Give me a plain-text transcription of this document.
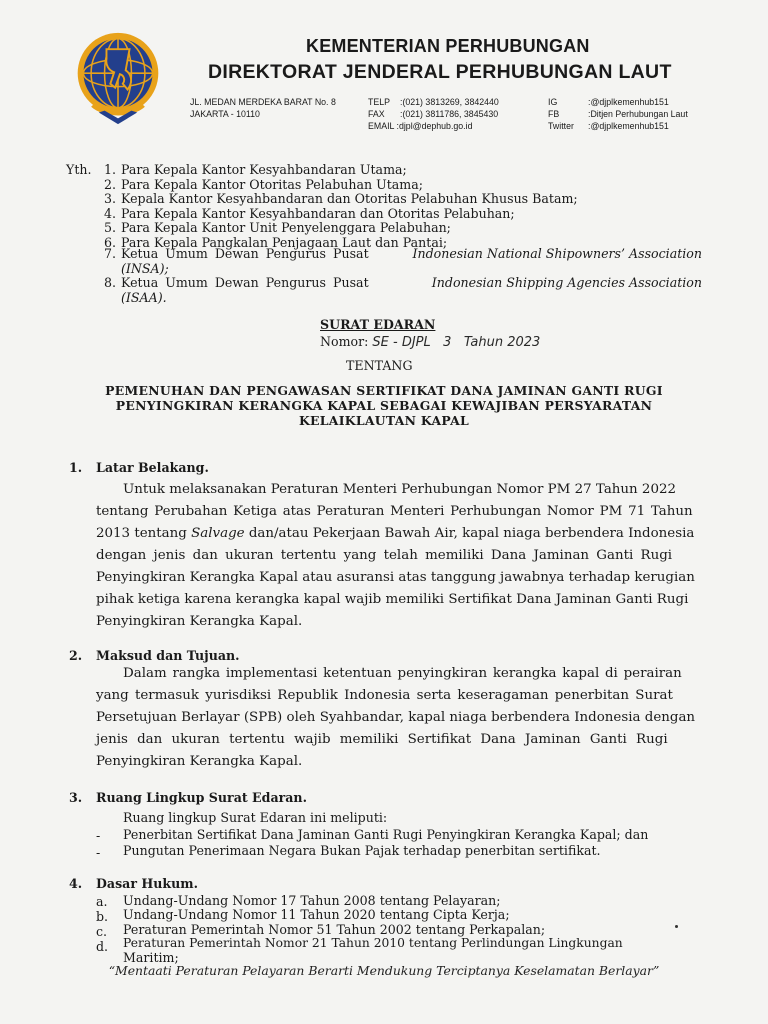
KEMENTERIAN PERHUBUNGAN
DIREKTORAT JENDERAL PERHUBUNGAN LAUT
JL. MEDAN MERDEKA BARAT No. 8
JAKARTA - 10110
TELP :(021) 3813269, 3842440
FAX :(021) 3811786, 3845430
EMAIL :djpl@dephub.go.id
IG	:@djplkemenhub151
FB	:Ditjen Perhubungan Laut
Twitter :@djplkemenhub151
Yth. 1. Para Kepala Kantor Kesyahbandaran Utama;
2. Para Kepala Kantor Otoritas Pelabuhan Utama;
3. Kepala Kantor Kesyahbandaran dan Otoritas Pelabuhan Khusus Batam;
4. Para Kepala Kantor Kesyahbandaran dan Otoritas Pelabuhan;
5. Para Kepala Kantor Unit Penyelenggara Pelabuhan;
6. Para Kepala Pangkalan Penjagaan Laut dan Pantai;
7. Ketua Umum Dewan Pengurus Pusat	Indonesian National Shipowners’ Association
(INSA);
8. Ketua Umum Dewan Pengurus Pusat	Indonesian Shipping Agencies Association
(ISAA).
SURAT EDARAN
Nomor: SE - DJPL   3   Tahun 2023
TENTANG
PEMENUHAN DAN PENGAWASAN SERTIFIKAT DANA JAMINAN GANTI RUGI
PENYINGKIRAN KERANGKA KAPAL SEBAGAI KEWAJIBAN PERSYARATAN
KELAIKLAUTAN KAPAL
1. Latar Belakang.
Untuk melaksanakan Peraturan Menteri Perhubungan Nomor PM 27 Tahun 2022
tentang Perubahan Ketiga atas Peraturan Menteri Perhubungan Nomor PM 71 Tahun
2013 tentang Salvage dan/atau Pekerjaan Bawah Air, kapal niaga berbendera Indonesia
dengan jenis dan ukuran tertentu yang telah memiliki Dana Jaminan Ganti Rugi
Penyingkiran Kerangka Kapal atau asuransi atas tanggung jawabnya terhadap kerugian
pihak ketiga karena kerangka kapal wajib memiliki Sertifikat Dana Jaminan Ganti Rugi
Penyingkiran Kerangka Kapal.
2. Maksud dan Tujuan.
Dalam rangka implementasi ketentuan penyingkiran kerangka kapal di perairan
yang termasuk yurisdiksi Republik Indonesia serta keseragaman penerbitan Surat
Persetujuan Berlayar (SPB) oleh Syahbandar, kapal niaga berbendera Indonesia dengan
jenis dan ukuran tertentu wajib memiliki Sertifikat Dana Jaminan Ganti Rugi
Penyingkiran Kerangka Kapal.
3. Ruang Lingkup Surat Edaran.
Ruang lingkup Surat Edaran ini meliputi:
- Penerbitan Sertifikat Dana Jaminan Ganti Rugi Penyingkiran Kerangka Kapal; dan
- Pungutan Penerimaan Negara Bukan Pajak terhadap penerbitan sertifikat.
4. Dasar Hukum.
a. Undang-Undang Nomor 17 Tahun 2008 tentang Pelayaran;
b. Undang-Undang Nomor 11 Tahun 2020 tentang Cipta Kerja;
c. Peraturan Pemerintah Nomor 51 Tahun 2002 tentang Perkapalan;
d. Peraturan Pemerintah Nomor 21 Tahun 2010 tentang Perlindungan Lingkungan
Maritim;
“Mentaati Peraturan Pelayaran Berarti Mendukung Terciptanya Keselamatan Berlayar”
